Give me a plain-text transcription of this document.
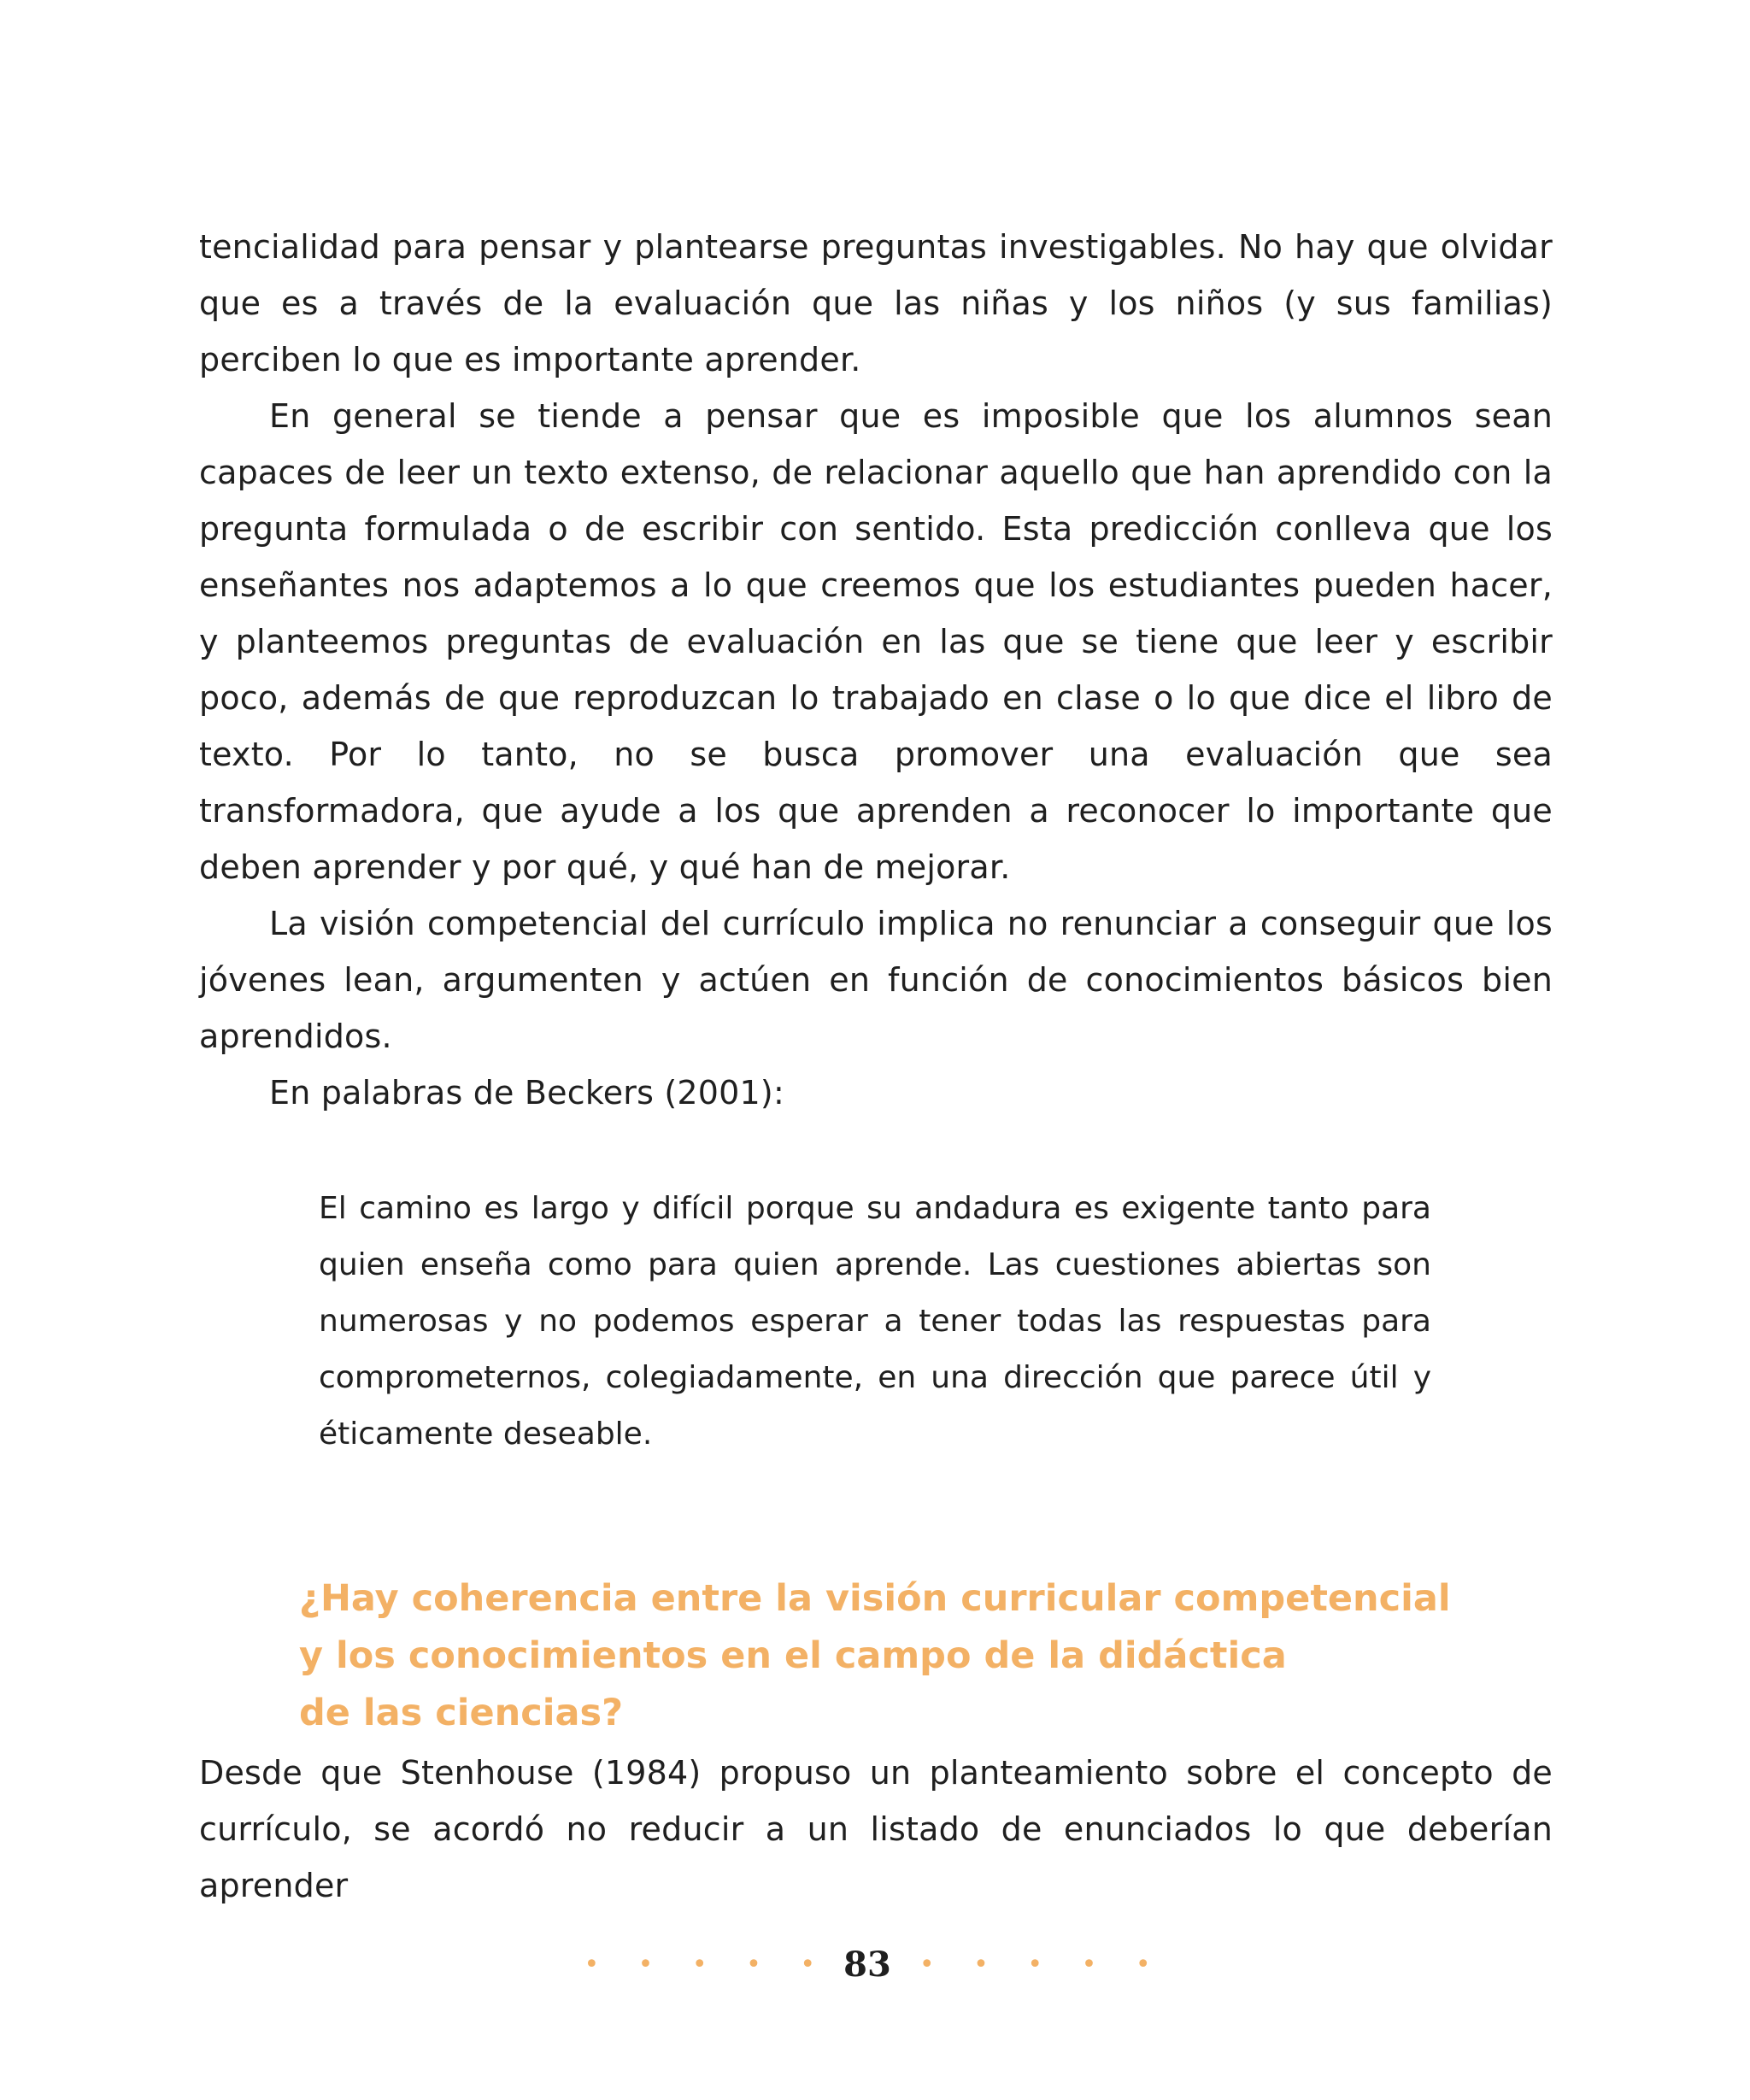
tencialidad para pensar y plantearse preguntas investigables. No hay que olvidar que es a través de la evaluación que las niñas y los niños (y sus familias) perciben lo que es importante aprender.

En general se tiende a pensar que es imposible que los alumnos sean capaces de leer un texto extenso, de relacionar aquello que han aprendido con la pregunta formulada o de escribir con sentido. Esta predicción conlleva que los enseñantes nos adaptemos a lo que creemos que los estudiantes pueden hacer, y planteemos preguntas de evaluación en las que se tiene que leer y escribir poco, además de que reproduzcan lo trabajado en clase o lo que dice el libro de texto. Por lo tanto, no se busca promover una evaluación que sea transformadora, que ayude a los que aprenden a reconocer lo importante que deben aprender y por qué, y qué han de mejorar.

La visión competencial del currículo implica no renunciar a conseguir que los jóvenes lean, argumenten y actúen en función de conocimientos básicos bien aprendidos.

En palabras de Beckers (2001):

El camino es largo y difícil porque su andadura es exigente tanto para quien enseña como para quien aprende. Las cuestiones abiertas son numerosas y no podemos esperar a tener todas las respuestas para comprometernos, colegiadamente, en una dirección que parece útil y éticamente deseable.

¿Hay coherencia entre la visión curricular competencial
y los conocimientos en el campo de la didáctica
de las ciencias?

Desde que Stenhouse (1984) propuso un planteamiento sobre el concepto de currículo, se acordó no reducir a un listado de enunciados lo que deberían aprender

• • • • • 83 • • • • •
